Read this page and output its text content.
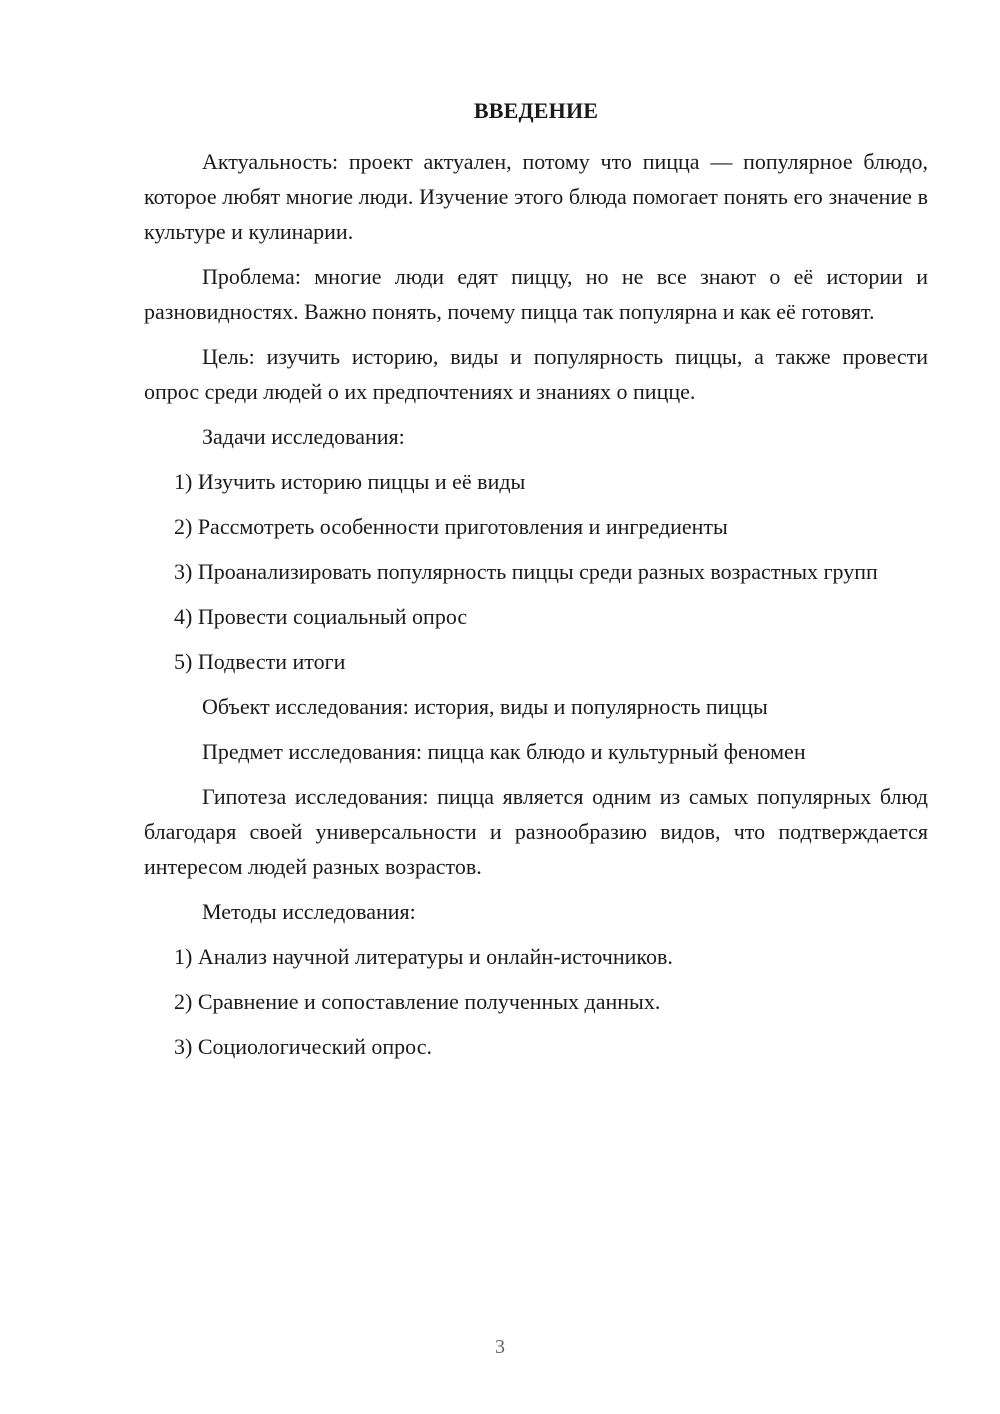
ВВЕДЕНИЕ
Актуальность: проект актуален, потому что пицца — популярное блюдо, которое любят многие люди. Изучение этого блюда помогает понять его значение в культуре и кулинарии.
Проблема: многие люди едят пиццу, но не все знают о её истории и разновидностях. Важно понять, почему пицца так популярна и как её готовят.
Цель: изучить историю, виды и популярность пиццы, а также провести опрос среди людей о их предпочтениях и знаниях о пицце.
Задачи исследования:
1) Изучить историю пиццы и её виды
2) Рассмотреть особенности приготовления и ингредиенты
3) Проанализировать популярность пиццы среди разных возрастных групп
4) Провести социальный опрос
5) Подвести итоги
Объект исследования: история, виды и популярность пиццы
Предмет исследования: пицца как блюдо и культурный феномен
Гипотеза исследования: пицца является одним из самых популярных блюд благодаря своей универсальности и разнообразию видов, что подтверждается интересом людей разных возрастов.
Методы исследования:
1) Анализ научной литературы и онлайн-источников.
2) Сравнение и сопоставление полученных данных.
3) Социологический опрос.
3
